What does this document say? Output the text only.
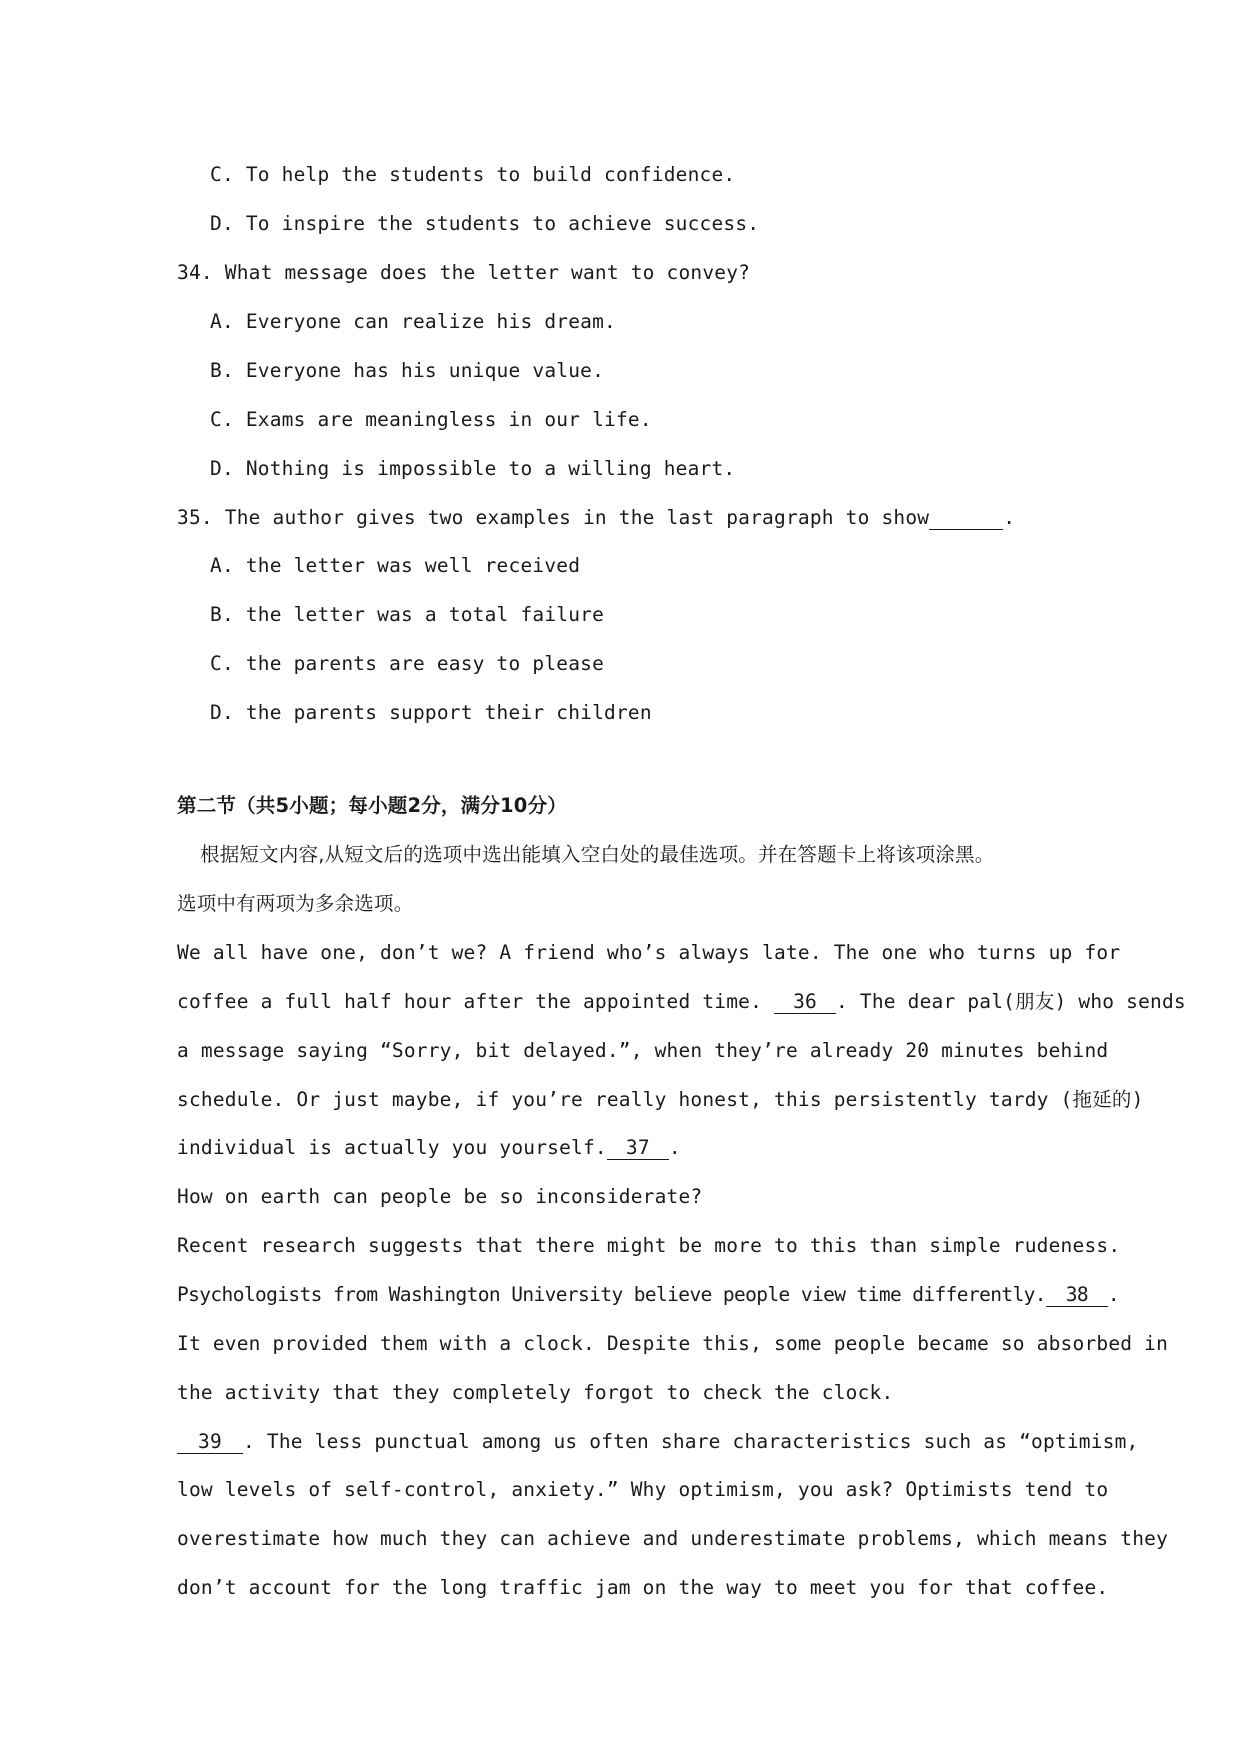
C. To help the students to build confidence.
D. To inspire the students to achieve success.
34. What message does the letter want to convey?
A. Everyone can realize his dream.
B. Everyone has his unique value.
C. Exams are meaningless in our life.
D. Nothing is impossible to a willing heart.
35. The author gives two examples in the last paragraph to show	.
A. the letter was well received
B. the letter was a total failure
C. the parents are easy to please
D. the parents support their children
第二节（共5小题；每小题2分，满分10分）
根据短文内容,从短文后的选项中选出能填入空白处的最佳选项。并在答题卡上将该项涂黑。
选项中有两项为多余选项。
We all have one, don’t we? A friend who’s always late. The one who turns up for
coffee a full half hour after the appointed time. 36 . The dear pal(朋友) who sends
a message saying “Sorry, bit delayed.”, when they’re already 20 minutes behind
schedule. Or just maybe, if you’re really honest, this persistently tardy (拖延的)
individual is actually you yourself. 37 .
How on earth can people be so inconsiderate?
Recent research suggests that there might be more to this than simple rudeness.
Psychologists from Washington University believe people view time differently. 38 .
It even provided them with a clock. Despite this, some people became so absorbed in
the activity that they completely forgot to check the clock.
39 . The less punctual among us often share characteristics such as “optimism,
low levels of self-control, anxiety.” Why optimism, you ask? Optimists tend to
overestimate how much they can achieve and underestimate problems, which means they
don’t account for the long traffic jam on the way to meet you for that coffee.
